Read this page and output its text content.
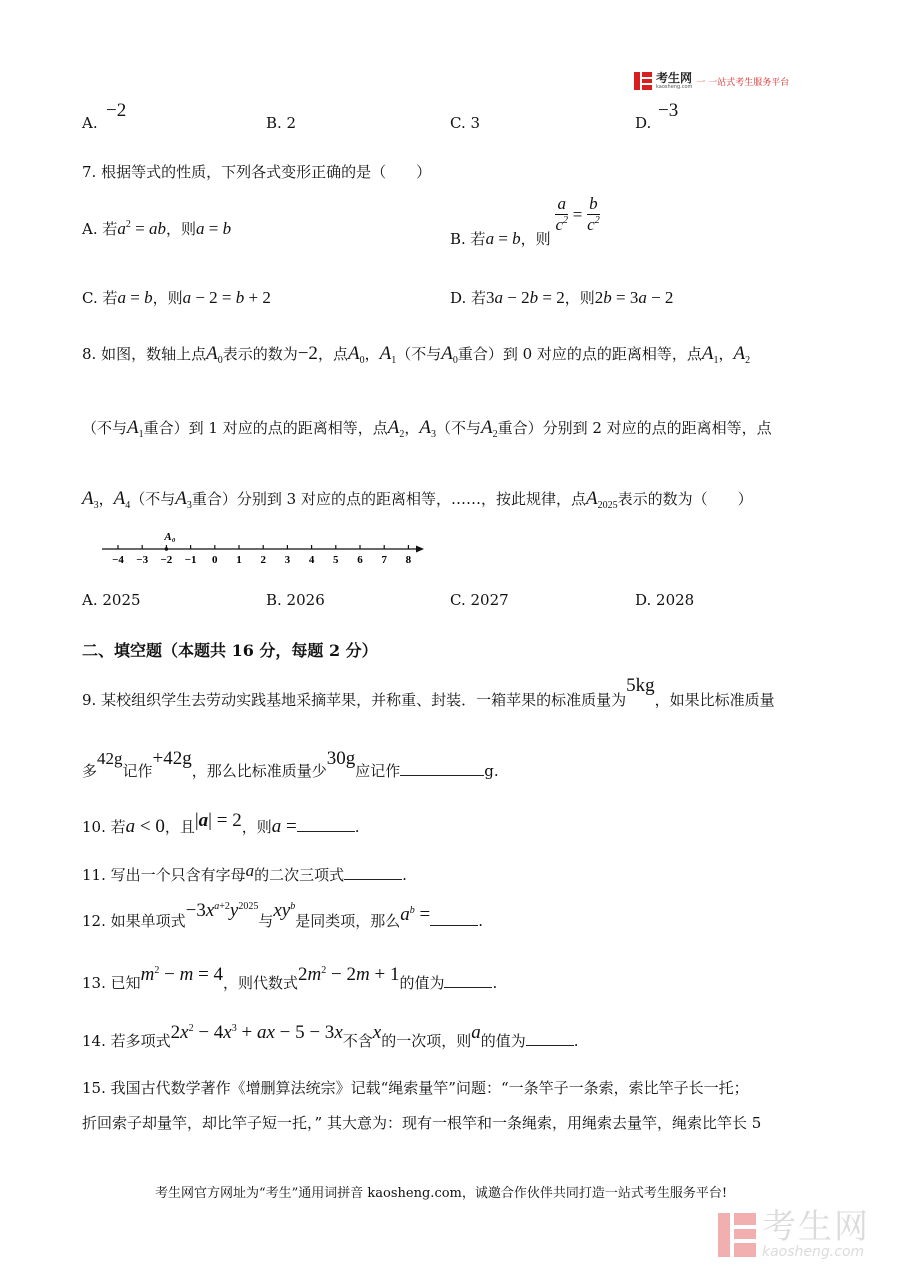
考生网
kaosheng.com 一 一站式考生服务平台
A.
−2
B. 2	C. 3	D.
−3
7. 根据等式的性质，下列各式变形正确的是（　　）
A. 若$a^2$ = ab，则a = b
B. 若a = b，则
$\frac{a}{c^2} = \frac{b}{c^2}$
C. 若a = b，则a − 2 = b + 2	D. 若3a − 2b = 2，则2b = 3a − 2
8. 如图，数轴上点$A_0$表示的数为−2，点$A_0$，$A_1$（不与$A_0$重合）到 0 对应的点的距离相等，点$A_1$，$A_2$
（不与$A_1$重合）到 1 对应的点的距离相等，点$A_2$，$A_3$（不与$A_2$重合）分别到 2 对应的点的距离相等，点
$A_3$，$A_4$（不与$A_3$重合）分别到 3 对应的点的距离相等，……，按此规律，点$A_{2025}$表示的数为（　　）
A₀
−4 −3 −2 −1 0 1 2 3 4 5 6 7 8
A. 2025	B. 2026	C. 2027	D. 2028
二、填空题（本题共 16 分，每题 2 分）
9. 某校组织学生去劳动实践基地采摘苹果，并称重、封装．一箱苹果的标准质量为5kg，如果比标准质量
多42g记作+42g，那么比标准质量少30g应记作	g.
10. 若a < 0，且|a| = 2，则a =	.
11. 写出一个只含有字母a的二次三项式	.
12. 如果单项式$-3x^{a+2}y^{2025}$与$xy^b$是同类项，那么$a^b$ =	.
13. 已知$m^2 - m = 4$，则代数式$2m^2 - 2m + 1$的值为	.
14. 若多项式$2x^2 - 4x^3$ + ax − 5 − 3x不含x的一次项，则a的值为	.
15. 我国古代数学著作《增删算法统宗》记载“绳索量竿”问题：“一条竿子一条索，索比竿子长一托；
折回索子却量竿，却比竿子短一托，” 其大意为：现有一根竿和一条绳索，用绳索去量竿，绳索比竿长 5
考生网官方网址为“考生”通用词拼音 kaosheng.com，诚邀合作伙伴共同打造一站式考生服务平台!
考生网
kaosheng.com
